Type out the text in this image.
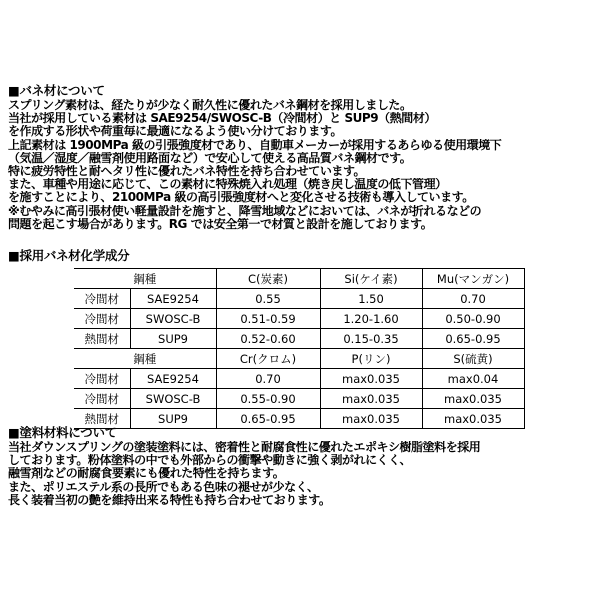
■バネ材について
スプリング素材は、経たりが少なく耐久性に優れたバネ鋼材を採用しました。
当社が採用している素材は SAE9254/SWOSC-B（冷間材）と SUP9（熱間材）
を作成する形状や荷重毎に最適になるよう使い分けております。
上記素材は 1900MPa 級の引張強度材であり、自動車メーカーが採用するあらゆる使用環境下
（気温／湿度／融雪剤使用路面など）で安心して使える高品質バネ鋼材です。
特に疲労特性と耐ヘタリ性に優れたバネ特性を持ち合わせています。
また、車種や用途に応じて、この素材に特殊焼入れ処理（焼き戻し温度の低下管理）
を施すことにより、2100MPa 級の高引張強度材へと変化させる技術も導入しています。
※むやみに高引張材使い軽量設計を施すと、降雪地域などにおいては、バネが折れるなどの
問題を起こす場合があります。RG では安全第一で材質と設計を施しております。
■採用バネ材化学成分
鋼種		C(炭素)	Si(ケイ素)	Mu(マンガン)
冷間材	SAE9254	0.55	1.50	0.70
冷間材	SWOSC-B	0.51-0.59	1.20-1.60	0.50-0.90
熱間材	SUP9	0.52-0.60	0.15-0.35	0.65-0.95
鋼種		Cr(クロム)	P(リン)	S(硫黄)
冷間材	SAE9254	0.70	max0.035	max0.04
冷間材	SWOSC-B	0.55-0.90	max0.035	max0.035
熱間材	SUP9	0.65-0.95	max0.035	max0.035
■塗料材料について
当社ダウンスプリングの塗装塗料には、密着性と耐腐食性に優れたエポキシ樹脂塗料を採用
しております。粉体塗料の中でも外部からの衝撃や動きに強く剥がれにくく、
融雪剤などの耐腐食要素にも優れた特性を持ちます。
また、ポリエステル系の長所でもある色味の褪せが少なく、
長く装着当初の艶を維持出来る特性も持ち合わせております。
